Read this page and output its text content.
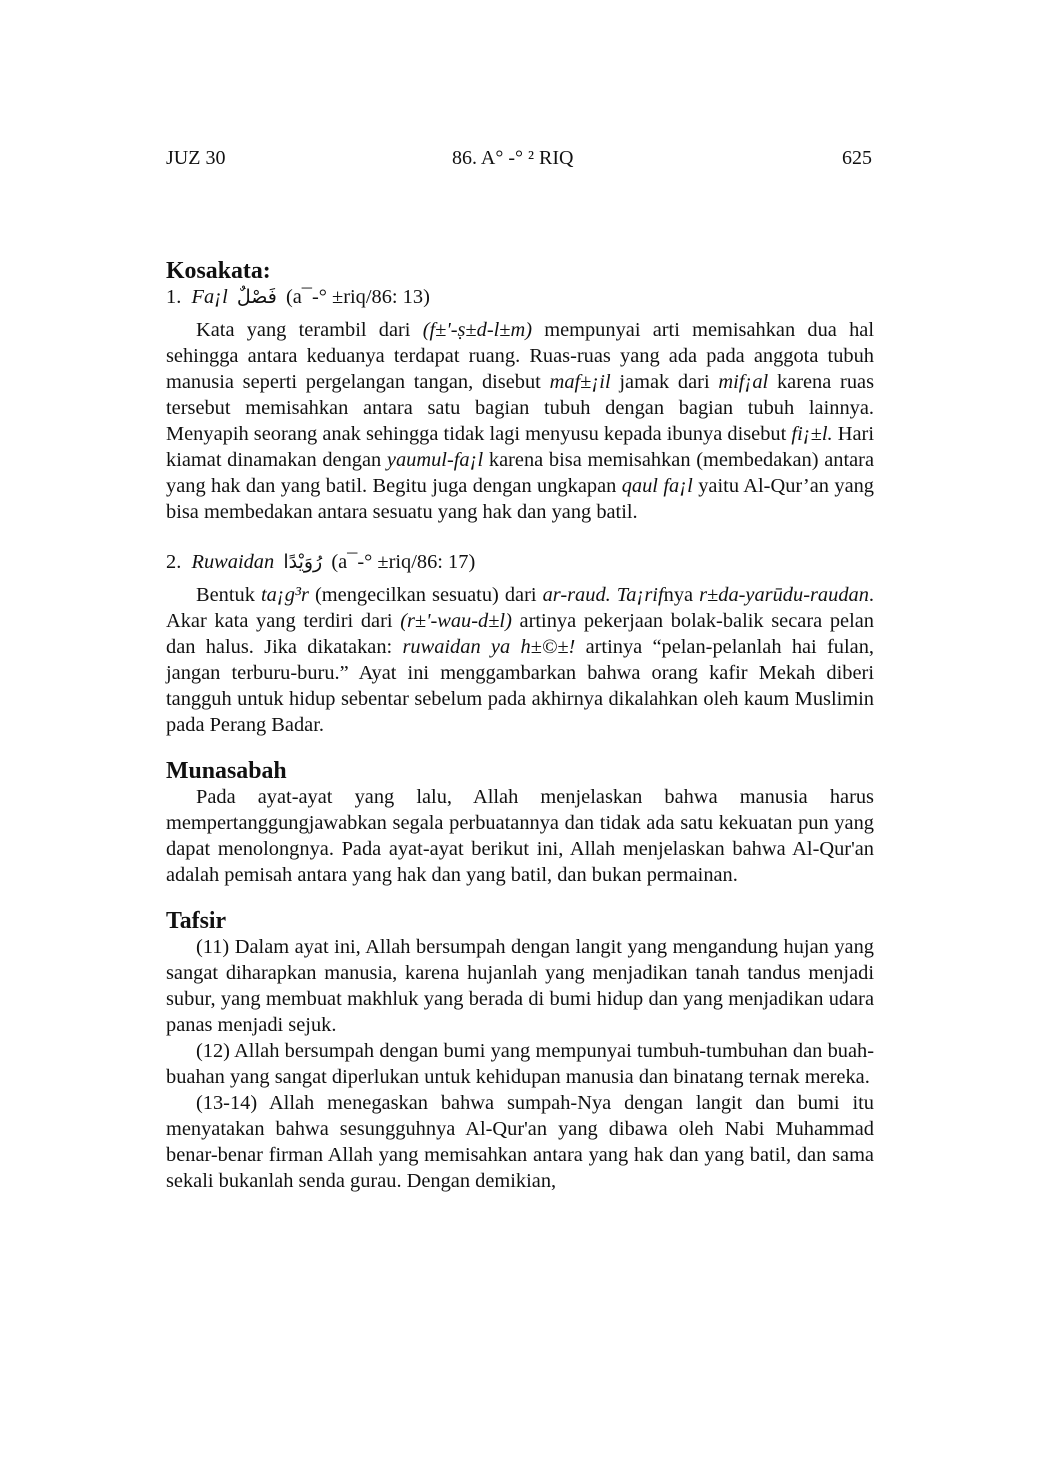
JUZ 30	86. A° -° ² RIQ	625
Kosakata:
1. Fa¡l فَصْلٌ (a¯-° ±riq/86: 13)

Kata yang terambil dari (f±'-ṣ±d-l±m) mempunyai arti memisahkan dua hal sehingga antara keduanya terdapat ruang. Ruas-ruas yang ada pada anggota tubuh manusia seperti pergelangan tangan, disebut maf±¡il jamak dari mif¡al karena ruas tersebut memisahkan antara satu bagian tubuh dengan bagian tubuh lainnya. Menyapih seorang anak sehingga tidak lagi menyusu kepada ibunya disebut fi¡±l. Hari kiamat dinamakan dengan yaumul-fa¡l karena bisa memisahkan (membedakan) antara yang hak dan yang batil. Begitu juga dengan ungkapan qaul fa¡l yaitu Al-Qur’an yang bisa membedakan antara sesuatu yang hak dan yang batil.

2. Ruwaidan رُوَيْدًا (a¯-° ±riq/86: 17)

Bentuk ta¡g³r (mengecilkan sesuatu) dari ar-raud. Ta¡rifnya r±da-yarūdu-raudan. Akar kata yang terdiri dari (r±'-wau-d±l) artinya pekerjaan bolak-balik secara pelan dan halus. Jika dikatakan: ruwaidan ya h±©±! artinya “pelan-pelanlah hai fulan, jangan terburu-buru.” Ayat ini menggambarkan bahwa orang kafir Mekah diberi tangguh untuk hidup sebentar sebelum pada akhirnya dikalahkan oleh kaum Muslimin pada Perang Badar.

Munasabah

Pada ayat-ayat yang lalu, Allah menjelaskan bahwa manusia harus mempertanggungjawabkan segala perbuatannya dan tidak ada satu kekuatan pun yang dapat menolongnya. Pada ayat-ayat berikut ini, Allah menjelaskan bahwa Al-Qur'an adalah pemisah antara yang hak dan yang batil, dan bukan permainan.

Tafsir

(11) Dalam ayat ini, Allah bersumpah dengan langit yang mengandung hujan yang sangat diharapkan manusia, karena hujanlah yang menjadikan tanah tandus menjadi subur, yang membuat makhluk yang berada di bumi hidup dan yang menjadikan udara panas menjadi sejuk.

(12) Allah bersumpah dengan bumi yang mempunyai tumbuh-tumbuhan dan buah-buahan yang sangat diperlukan untuk kehidupan manusia dan binatang ternak mereka.

(13-14) Allah menegaskan bahwa sumpah-Nya dengan langit dan bumi itu menyatakan bahwa sesungguhnya Al-Qur'an yang dibawa oleh Nabi Muhammad benar-benar firman Allah yang memisahkan antara yang hak dan yang batil, dan sama sekali bukanlah senda gurau. Dengan demikian,
